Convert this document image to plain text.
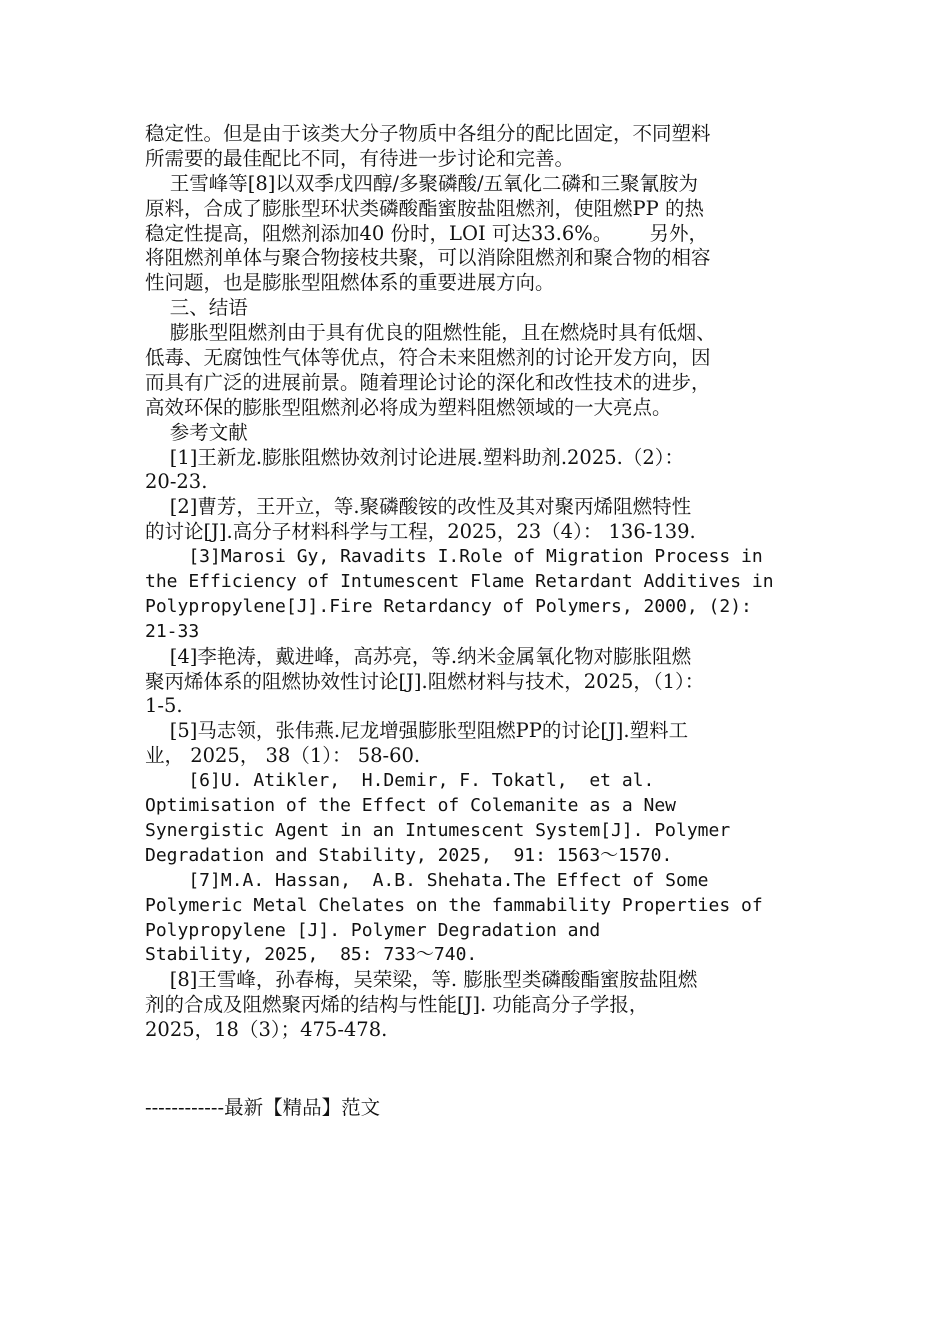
稳定性。但是由于该类大分子物质中各组分的配比固定，不同塑料
所需要的最佳配比不同，有待进一步讨论和完善。
王雪峰等[8]以双季戊四醇/多聚磷酸/五氧化二磷和三聚氰胺为
原料，合成了膨胀型环状类磷酸酯蜜胺盐阻燃剂，使阻燃PP 的热
稳定性提高，阻燃剂添加40 份时，LOI 可达33.6%。      另外，
将阻燃剂单体与聚合物接枝共聚，可以消除阻燃剂和聚合物的相容
性问题，也是膨胀型阻燃体系的重要进展方向。
三、结语
膨胀型阻燃剂由于具有优良的阻燃性能，且在燃烧时具有低烟、
低毒、无腐蚀性气体等优点，符合未来阻燃剂的讨论开发方向，因
而具有广泛的进展前景。随着理论讨论的深化和改性技术的进步，
高效环保的膨胀型阻燃剂必将成为塑料阻燃领域的一大亮点。
参考文献
[1]王新龙.膨胀阻燃协效剂讨论进展.塑料助剂.2025.（2）：
20-23.
[2]曹芳，王开立，等.聚磷酸铵的改性及其对聚丙烯阻燃特性
的讨论[J].高分子材料科学与工程，2025，23（4）： 136-139.
[3]Marosi Gy, Ravadits I.Role of Migration Process in
the Efficiency of Intumescent Flame Retardant Additives in
Polypropylene[J].Fire Retardancy of Polymers, 2000, (2):
21-33
[4]李艳涛，戴进峰，高苏亮，等.纳米金属氧化物对膨胀阻燃
聚丙烯体系的阻燃协效性讨论[J].阻燃材料与技术，2025，（1）：
1-5.
[5]马志领，张伟燕.尼龙增强膨胀型阻燃PP的讨论[J].塑料工
业， 2025， 38（1）： 58-60.
[6]U. Atikler,  H.Demir, F. Tokatl,  et al.
Optimisation of the Effect of Colemanite as a New
Synergistic Agent in an Intumescent System[J]. Polymer
Degradation and Stability, 2025,  91: 1563～1570.
[7]M.A. Hassan,  A.B. Shehata.The Effect of Some
Polymeric Metal Chelates on the fammability Properties of
Polypropylene [J]. Polymer Degradation and
Stability, 2025,  85: 733～740.
[8]王雪峰，孙春梅，吴荣梁，等. 膨胀型类磷酸酯蜜胺盐阻燃
剂的合成及阻燃聚丙烯的结构与性能[J]. 功能高分子学报，
2025，18（3）；475-478.
------------最新【精品】范文
